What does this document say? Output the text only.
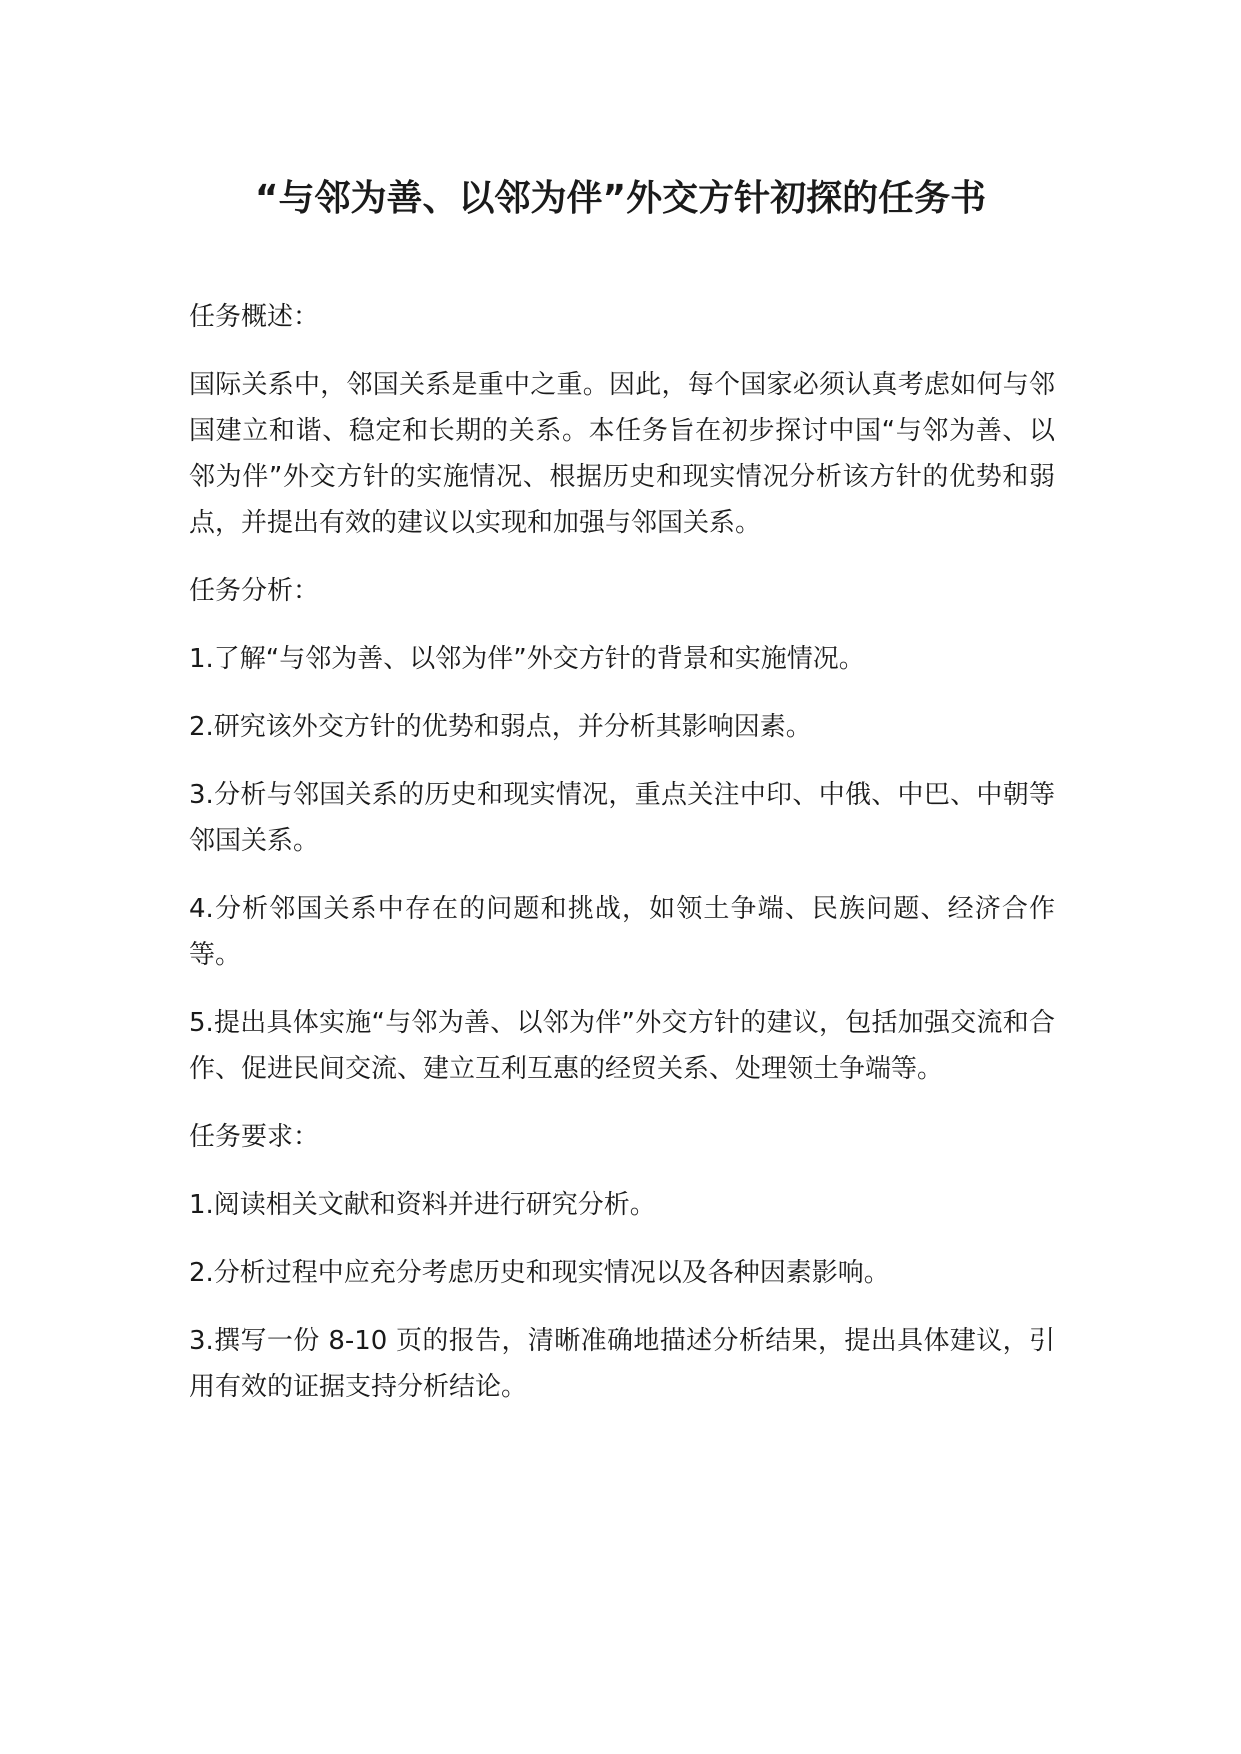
“与邻为善、以邻为伴”外交方针初探的任务书

任务概述：

国际关系中，邻国关系是重中之重。因此，每个国家必须认真考虑如何与邻国建立和谐、稳定和长期的关系。本任务旨在初步探讨中国“与邻为善、以邻为伴”外交方针的实施情况、根据历史和现实情况分析该方针的优势和弱点，并提出有效的建议以实现和加强与邻国关系。

任务分析：

1.了解“与邻为善、以邻为伴”外交方针的背景和实施情况。

2.研究该外交方针的优势和弱点，并分析其影响因素。

3.分析与邻国关系的历史和现实情况，重点关注中印、中俄、中巴、中朝等邻国关系。

4.分析邻国关系中存在的问题和挑战，如领土争端、民族问题、经济合作等。

5.提出具体实施“与邻为善、以邻为伴”外交方针的建议，包括加强交流和合作、促进民间交流、建立互利互惠的经贸关系、处理领土争端等。

任务要求：

1.阅读相关文献和资料并进行研究分析。

2.分析过程中应充分考虑历史和现实情况以及各种因素影响。

3.撰写一份 8-10 页的报告，清晰准确地描述分析结果，提出具体建议，引用有效的证据支持分析结论。
